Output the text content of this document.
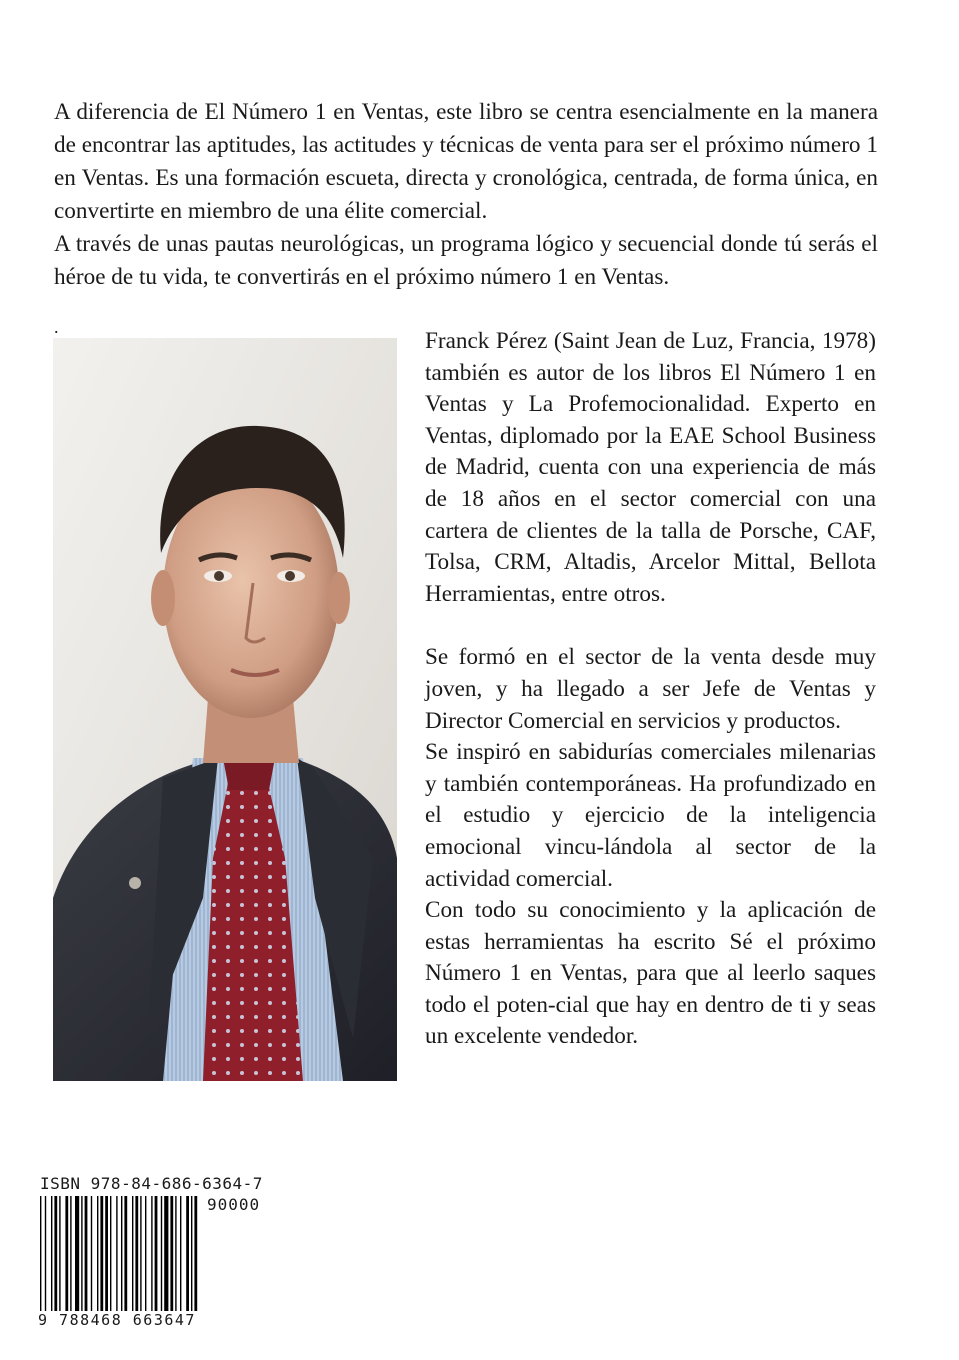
A diferencia de El Número 1 en Ventas, este libro se centra esencialmente en la manera de encontrar las aptitudes, las actitudes y técnicas de venta para ser el próximo número 1 en Ventas. Es una formación escueta, directa y cronológica, centrada, de forma única, en convertirte en miembro de una élite comercial.

A través de unas pautas neurológicas, un programa lógico y secuencial donde tú serás el héroe de tu vida, te convertirás en el próximo número 1 en Ventas.

.

Franck Pérez (Saint Jean de Luz, Francia, 1978) también es autor de los libros El Número 1 en Ventas y La Profemocionalidad. Experto en Ventas, diplomado por la EAE School Business de Madrid, cuenta con una experiencia de más de 18 años en el sector comercial con una cartera de clientes de la talla de Porsche, CAF, Tolsa, CRM, Altadis, Arcelor Mittal, Bellota Herramientas, entre otros.

Se formó en el sector de la venta desde muy joven, y ha llegado a ser Jefe de Ventas y Director Comercial en servicios y productos.

Se inspiró en sabidurías comerciales milenarias y también contemporáneas. Ha profundizado en el estudio y ejercicio de la inteligencia emocional vincu-lándola al sector de la actividad comercial.

Con todo su conocimiento y la aplicación de estas herramientas ha escrito Sé el próximo Número 1 en Ventas, para que al leerlo saques todo el poten-cial que hay en dentro de ti y seas un excelente vendedor.

ISBN 978-84-686-6364-7
90000
9 788468 663647
